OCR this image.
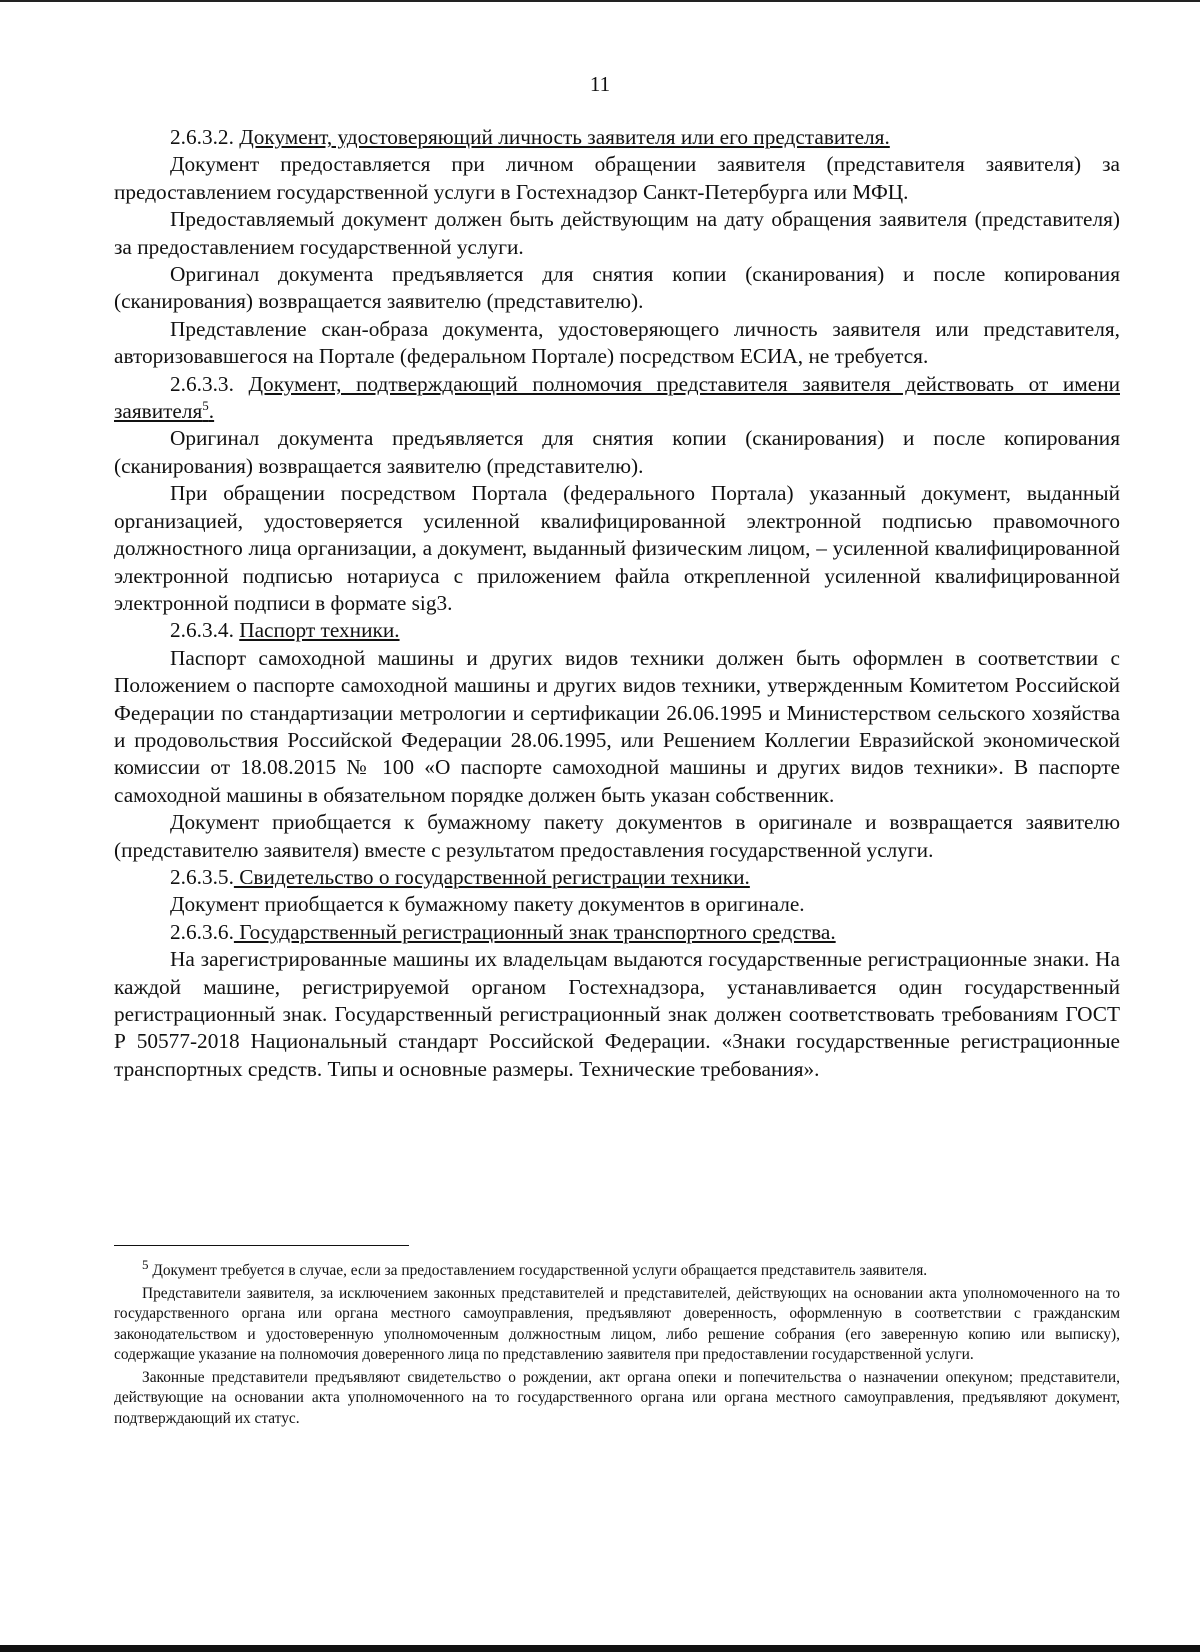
11

2.6.3.2. Документ, удостоверяющий личность заявителя или его представителя.

Документ предоставляется при личном обращении заявителя (представителя заявителя) за предоставлением государственной услуги в Гостехнадзор Санкт-Петербурга или МФЦ.

Предоставляемый документ должен быть действующим на дату обращения заявителя (представителя) за предоставлением государственной услуги.

Оригинал документа предъявляется для снятия копии (сканирования) и после копирования (сканирования) возвращается заявителю (представителю).

Представление скан-образа документа, удостоверяющего личность заявителя или представителя, авторизовавшегося на Портале (федеральном Портале) посредством ЕСИА, не требуется.

2.6.3.3. Документ, подтверждающий полномочия представителя заявителя действовать от имени заявителя$^5$.

Оригинал документа предъявляется для снятия копии (сканирования) и после копирования (сканирования) возвращается заявителю (представителю).

При обращении посредством Портала (федерального Портала) указанный документ, выданный организацией, удостоверяется усиленной квалифицированной электронной подписью правомочного должностного лица организации, а документ, выданный физическим лицом, – усиленной квалифицированной электронной подписью нотариуса с приложением файла открепленной усиленной квалифицированной электронной подписи в формате sig3.

2.6.3.4. Паспорт техники.

Паспорт самоходной машины и других видов техники должен быть оформлен в соответствии с Положением о паспорте самоходной машины и других видов техники, утвержденным Комитетом Российской Федерации по стандартизации метрологии и сертификации 26.06.1995 и Министерством сельского хозяйства и продовольствия Российской Федерации 28.06.1995, или Решением Коллегии Евразийской экономической комиссии от 18.08.2015 № 100 «О паспорте самоходной машины и других видов техники». В паспорте самоходной машины в обязательном порядке должен быть указан собственник.

Документ приобщается к бумажному пакету документов в оригинале и возвращается заявителю (представителю заявителя) вместе с результатом предоставления государственной услуги.

2.6.3.5. Свидетельство о государственной регистрации техники.

Документ приобщается к бумажному пакету документов в оригинале.

2.6.3.6. Государственный регистрационный знак транспортного средства.

На зарегистрированные машины их владельцам выдаются государственные регистрационные знаки. На каждой машине, регистрируемой органом Гостехнадзора, устанавливается один государственный регистрационный знак. Государственный регистрационный знак должен соответствовать требованиям ГОСТ Р 50577-2018 Национальный стандарт Российской Федерации. «Знаки государственные регистрационные транспортных средств. Типы и основные размеры. Технические требования».

$^5$ Документ требуется в случае, если за предоставлением государственной услуги обращается представитель заявителя.

Представители заявителя, за исключением законных представителей и представителей, действующих на основании акта уполномоченного на то государственного органа или органа местного самоуправления, предъявляют доверенность, оформленную в соответствии с гражданским законодательством и удостоверенную уполномоченным должностным лицом, либо решение собрания (его заверенную копию или выписку), содержащие указание на полномочия доверенного лица по представлению заявителя при предоставлении государственной услуги.

Законные представители предъявляют свидетельство о рождении, акт органа опеки и попечительства о назначении опекуном; представители, действующие на основании акта уполномоченного на то государственного органа или органа местного самоуправления, предъявляют документ, подтверждающий их статус.
